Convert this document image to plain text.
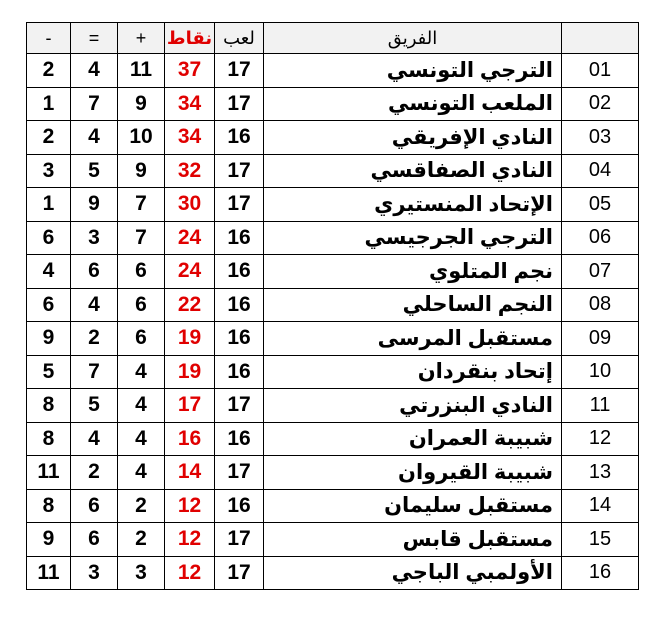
-	=	+	نقاط	لعب	الفريق	
2	4	11	37	17	الترجي التونسي	01
1	7	9	34	17	الملعب التونسي	02
2	4	10	34	16	النادي الإفريقي	03
3	5	9	32	17	النادي الصفاقسي	04
1	9	7	30	17	الإتحاد المنستيري	05
6	3	7	24	16	الترجي الجرجيسي	06
4	6	6	24	16	نجم المتلوي	07
6	4	6	22	16	النجم الساحلي	08
9	2	6	19	16	مستقبل المرسى	09
5	7	4	19	16	إتحاد بنقردان	10
8	5	4	17	17	النادي البنزرتي	11
8	4	4	16	16	شبيبة العمران	12
11	2	4	14	17	شبيبة القيروان	13
8	6	2	12	16	مستقبل سليمان	14
9	6	2	12	17	مستقبل قابس	15
11	3	3	12	17	الأولمبي الباجي	16
